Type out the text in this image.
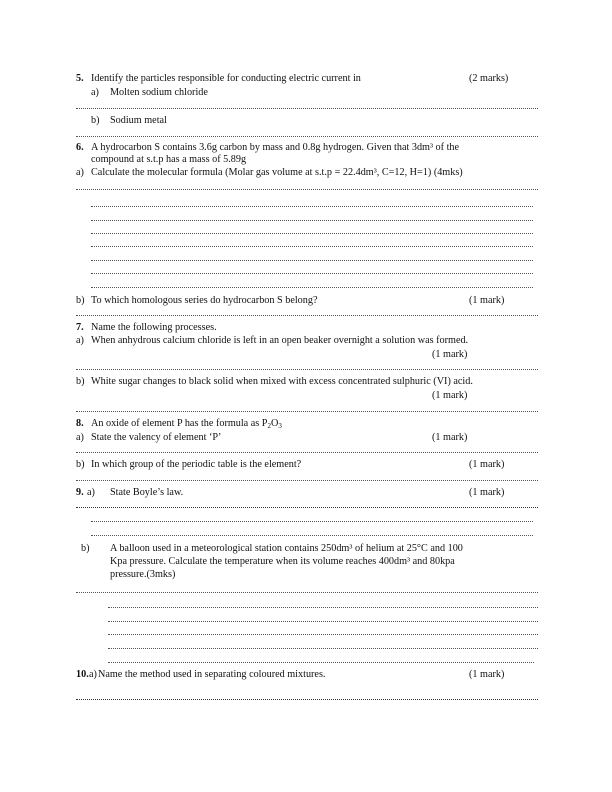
5. Identify the particles responsible for conducting electric current in	(2 marks)
a) Molten sodium chloride
b) Sodium metal
6. A hydrocarbon S contains 3.6g carbon by mass and 0.8g hydrogen. Given that 3dm³ of the
compound at s.t.p has a mass of 5.89g
a) Calculate the molecular formula (Molar gas volume at s.t.p = 22.4dm³, C=12, H=1) (4mks)
b) To which homologous series do hydrocarbon S belong?	(1 mark)
7. Name the following processes.
a) When anhydrous calcium chloride is left in an open beaker overnight a solution was formed.
(1 mark)
b) White sugar changes to black solid when mixed with excess concentrated sulphuric (VI) acid.
(1 mark)
8. An oxide of element P has the formula as $P_2O_3$
a) State the valency of element ‘P’	(1 mark)
b) In which group of the periodic table is the element?	(1 mark)
9. a) State Boyle’s law.	(1 mark)
b) A balloon used in a meteorological station contains 250dm³ of helium at 25°C and 100
Kpa pressure. Calculate the temperature when its volume reaches 400dm³ and 80kpa
pressure.(3mks)
10. a) Name the method used in separating coloured mixtures.	(1 mark)
